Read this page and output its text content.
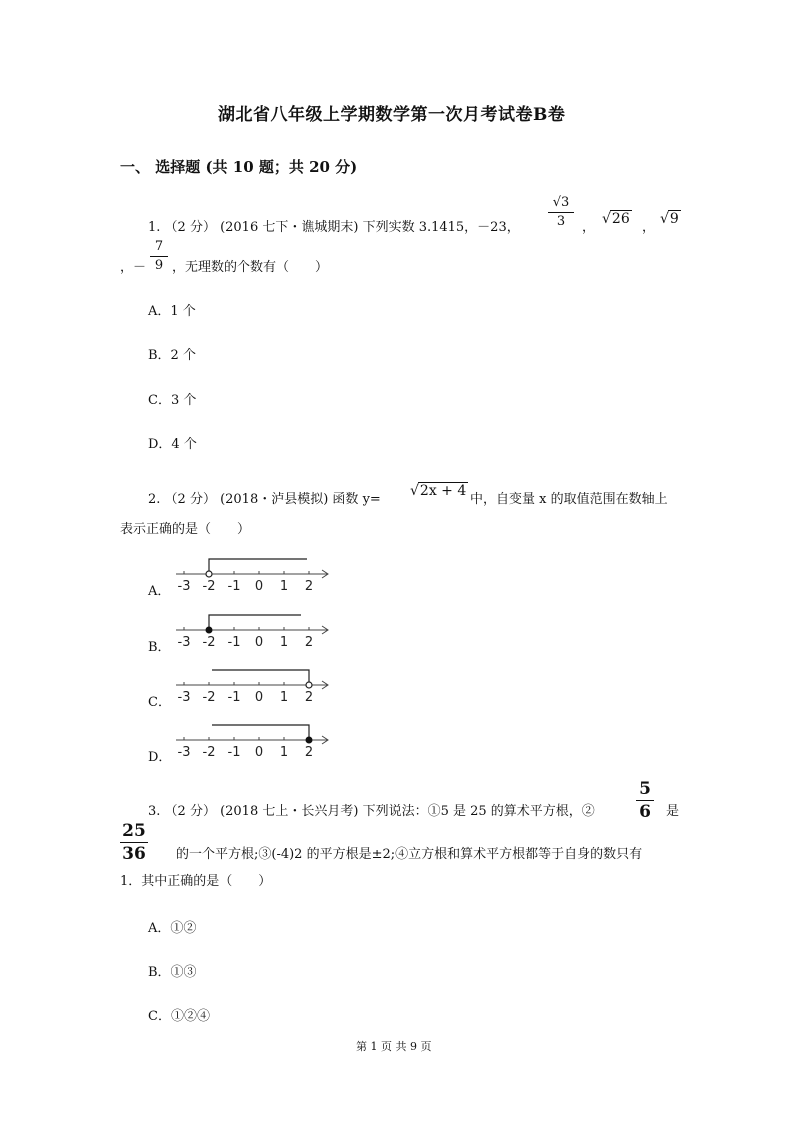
湖北省八年级上学期数学第一次月考试卷B卷
一、 选择题 (共 10 题；共 20 分)
1. （2 分） (2016 七下・谯城期末) 下列实数 3.1415，－23，
√3
3	，
√26
，
√9
，－
7
9 ，无理数的个数有（　　）
A．1 个
B．2 个
C．3 个
D．4 个
2. （2 分） (2018・泸县模拟) 函数 y=
√2x + 4
中，自变量 x 的取值范围在数轴上
表示正确的是（　　）
A． -3 -2 -1 0 1 2
B． -3 -2 -1 0 1 2
C． -3 -2 -1 0 1 2
D． -3 -2 -1 0 1 2
3. （2 分） (2018 七上・长兴月考) 下列说法：①5 是 25 的算术平方根，②
5
6 是
25
36 的一个平方根;③(-4)2 的平方根是±2;④立方根和算术平方根都等于自身的数只有
1．其中正确的是（　　）
A．①②
B．①③
C．①②④
第 1 页 共 9 页
